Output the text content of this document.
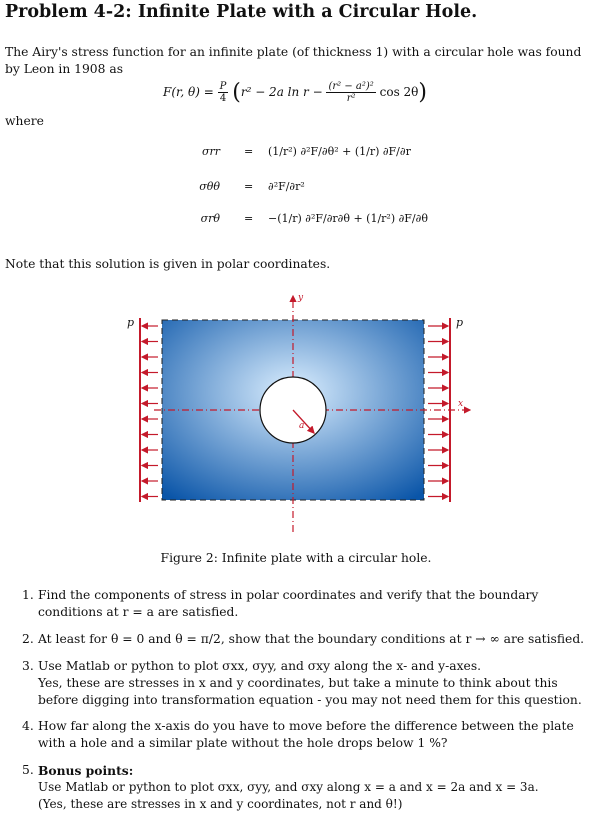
Problem 4-2: Infinite Plate with a Circular Hole.
The Airy's stress function for an infinite plate (of thickness 1) with a circular hole was found by Leon in 1908 as
F(r, $\theta) = \frac{P}{4} (r^2 - 2a$ $\ln r - \frac{\text{(r² − a²)²}}{\text{r²}}$ cos 2θ)
where
σrr = (1/r²) ∂²F/∂θ² + (1/r) ∂F/∂r
σθθ = ∂²F/∂r²
σrθ = −(1/r) ∂²F/∂r∂θ + (1/r²) ∂F/∂θ
Note that this solution is given in polar coordinates.
p	p
y
x
a
Figure 2: Infinite plate with a circular hole.
1. Find the components of stress in polar coordinates and verify that the boundary conditions at r = a are satisfied.
2. At least for θ = 0 and θ = π/2, show that the boundary conditions at r → ∞ are satisfied.
3. Use Matlab or python to plot σxx, σyy, and σxy along the x- and y-axes.
Yes, these are stresses in x and y coordinates, but take a minute to think about this before digging into transformation equation - you may not need them for this question.
4. How far along the x-axis do you have to move before the difference between the plate with a hole and a similar plate without the hole drops below 1 %?
5. Bonus points:
Use Matlab or python to plot σxx, σyy, and σxy along x = a and x = 2a and x = 3a.
(Yes, these are stresses in x and y coordinates, not r and θ!)
